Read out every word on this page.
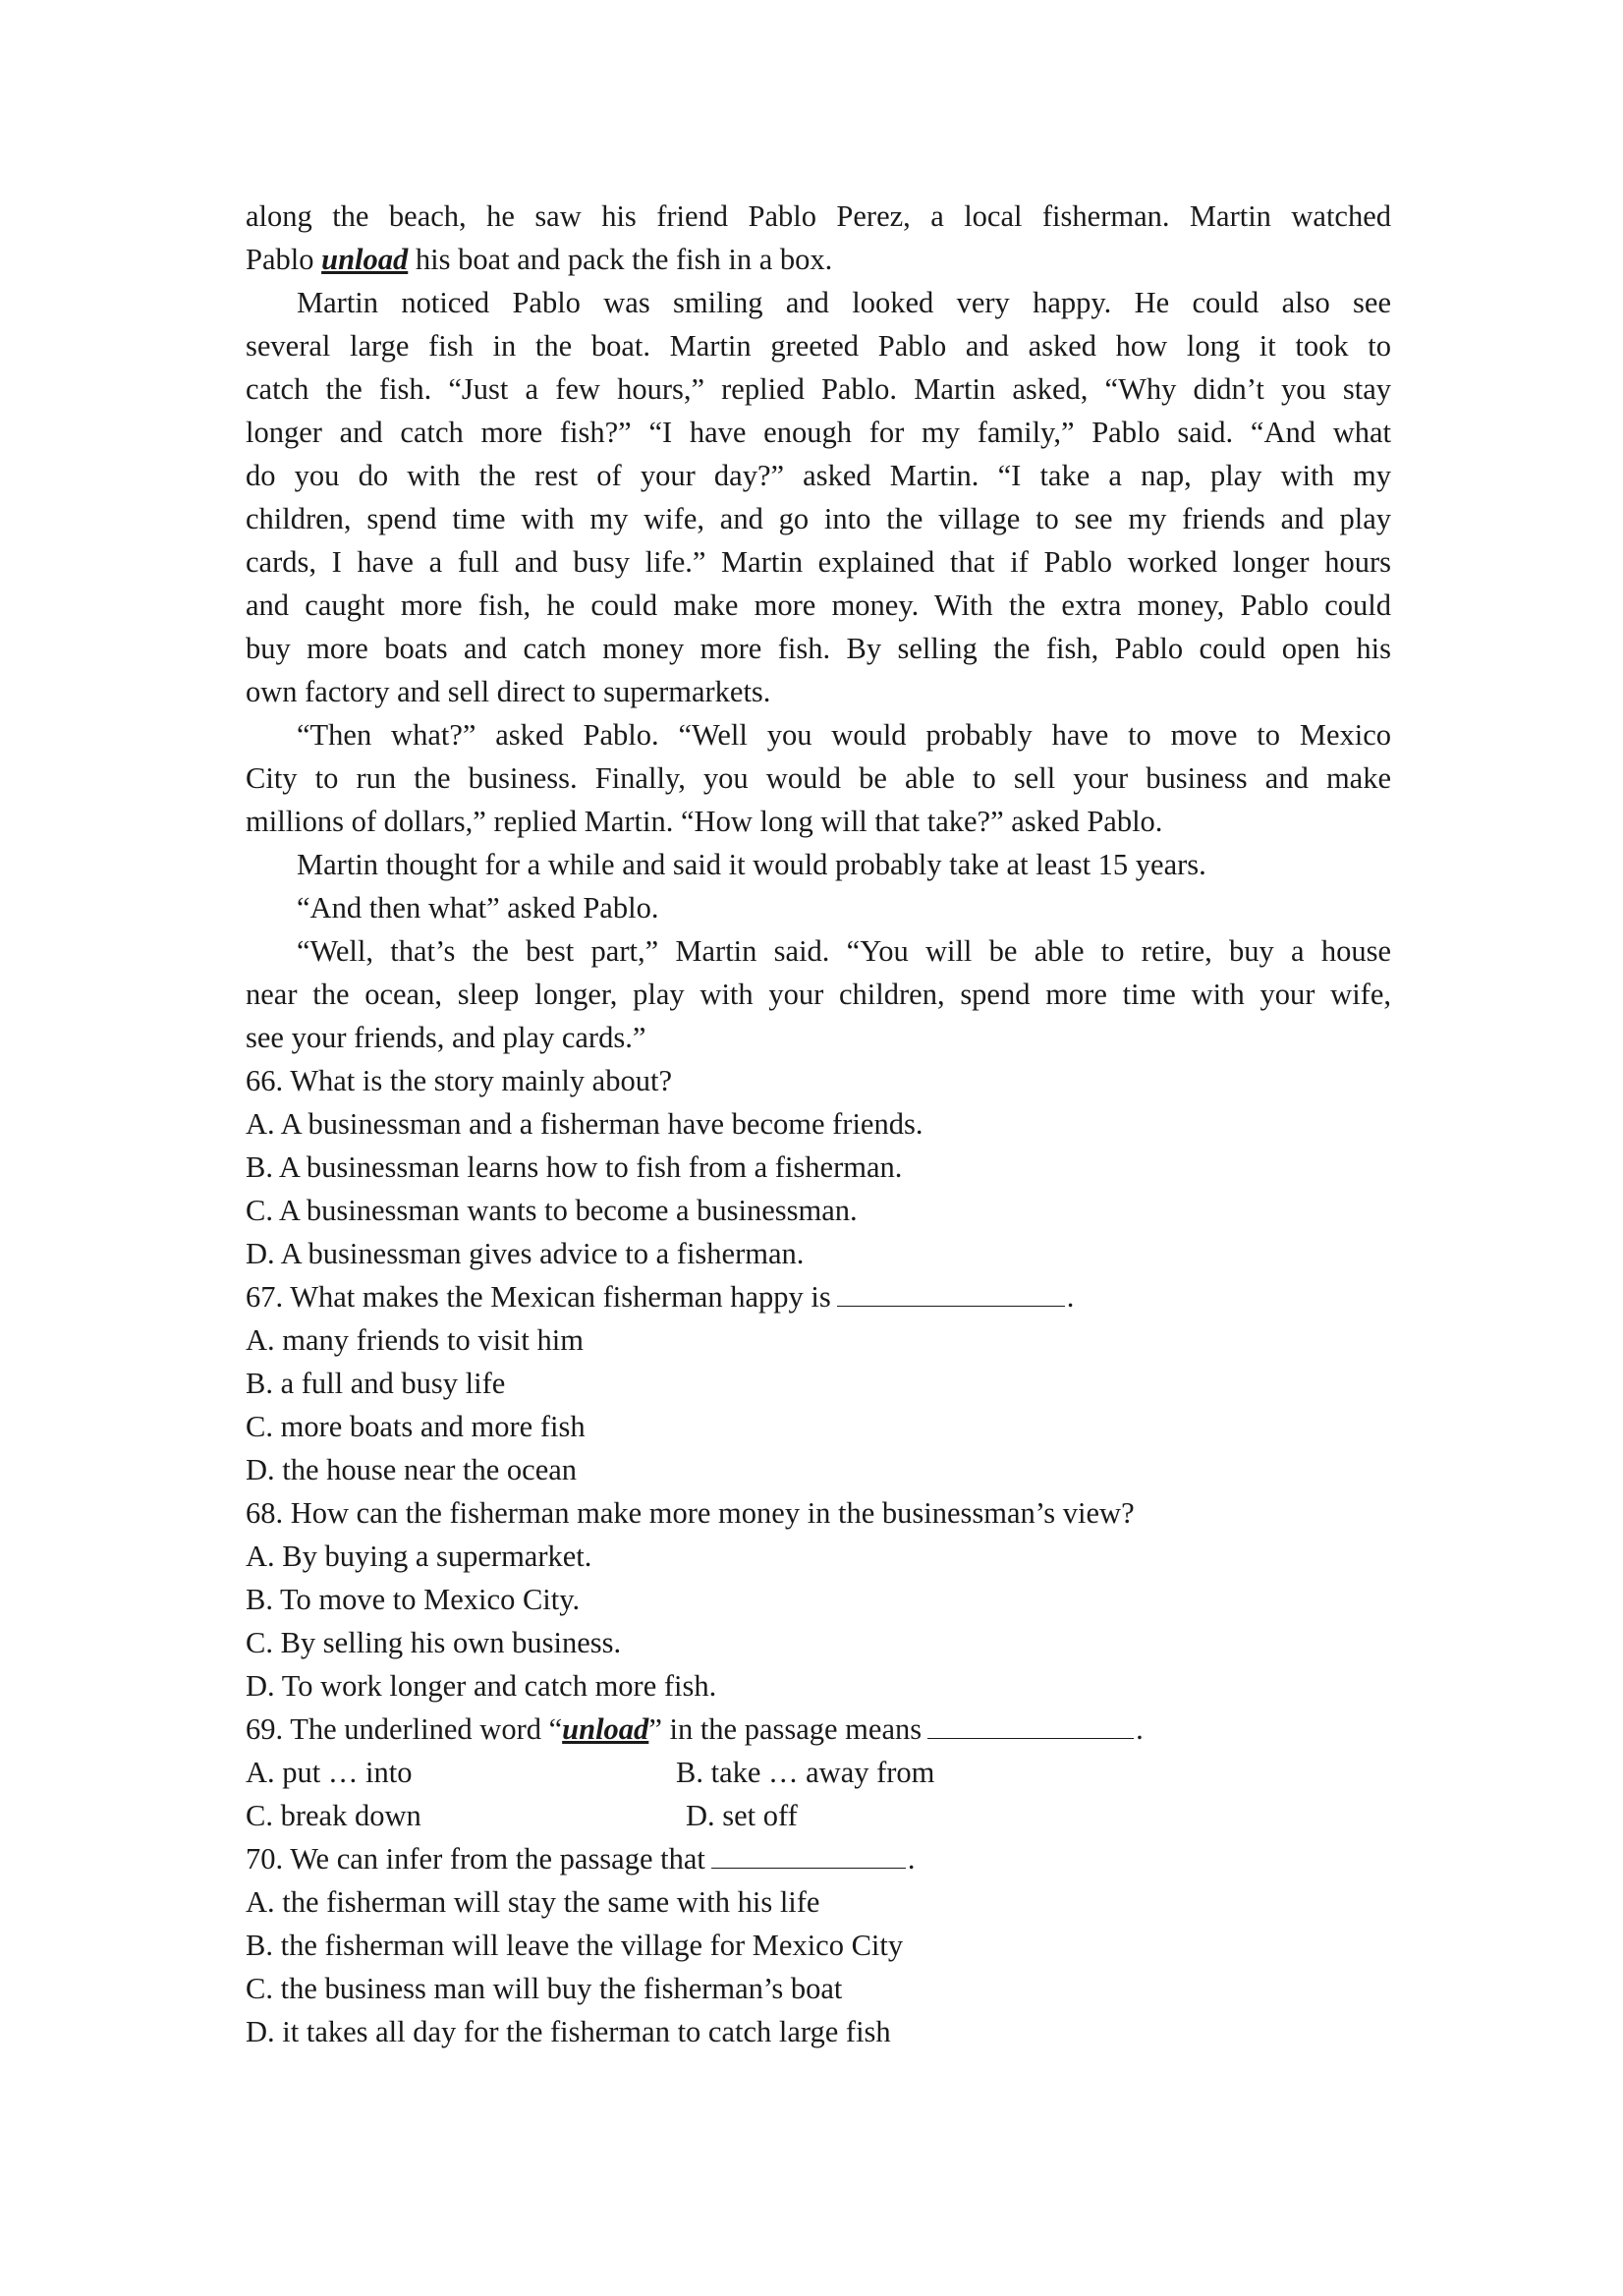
along the beach, he saw his friend Pablo Perez, a local fisherman. Martin watched

Pablo unload his boat and pack the fish in a box.

Martin noticed Pablo was smiling and looked very happy. He could also see

several large fish in the boat. Martin greeted Pablo and asked how long it took to

catch the fish. “Just a few hours,” replied Pablo. Martin asked, “Why didn’t you stay

longer and catch more fish?” “I have enough for my family,” Pablo said. “And what

do you do with the rest of your day?” asked Martin. “I take a nap, play with my

children, spend time with my wife, and go into the village to see my friends and play

cards, I have a full and busy life.” Martin explained that if Pablo worked longer hours

and caught more fish, he could make more money. With the extra money, Pablo could

buy more boats and catch money more fish. By selling the fish, Pablo could open his

own factory and sell direct to supermarkets.

“Then what?” asked Pablo. “Well you would probably have to move to Mexico

City to run the business. Finally, you would be able to sell your business and make

millions of dollars,” replied Martin. “How long will that take?” asked Pablo.

Martin thought for a while and said it would probably take at least 15 years.

“And then what” asked Pablo.

“Well, that’s the best part,” Martin said. “You will be able to retire, buy a house

near the ocean, sleep longer, play with your children, spend more time with your wife,

see your friends, and play cards.”

66. What is the story mainly about?

A. A businessman and a fisherman have become friends.

B. A businessman learns how to fish from a fisherman.

C. A businessman wants to become a businessman.

D. A businessman gives advice to a fisherman.

67. What makes the Mexican fisherman happy is	.

A. many friends to visit him

B. a full and busy life

C. more boats and more fish

D. the house near the ocean

68. How can the fisherman make more money in the businessman’s view?

A. By buying a supermarket.

B. To move to Mexico City.

C. By selling his own business.

D. To work longer and catch more fish.

69. The underlined word “unload” in the passage means	.

A. put … into	B. take … away from
C. break down	D. set off

70. We can infer from the passage that	.

A. the fisherman will stay the same with his life

B. the fisherman will leave the village for Mexico City

C. the business man will buy the fisherman’s boat

D. it takes all day for the fisherman to catch large fish
